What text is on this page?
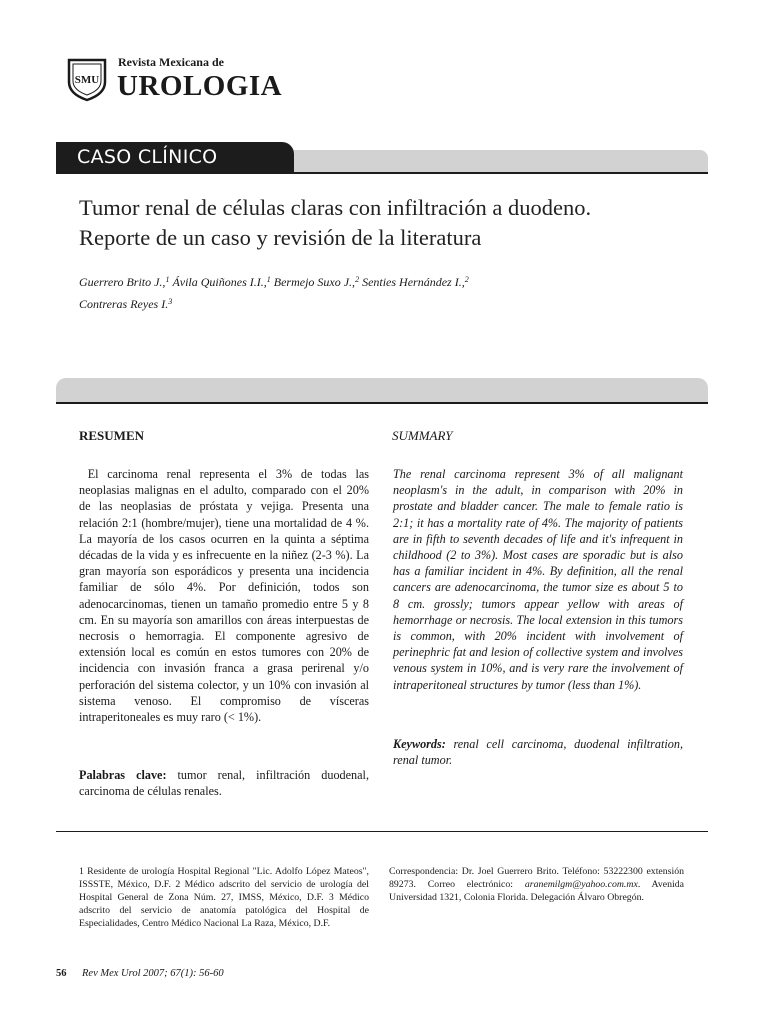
SMU
Revista Mexicana de
UROLOGIA
CASO CLÍNICO
Tumor renal de células claras con infiltración a duodeno.
Reporte de un caso y revisión de la literatura
Guerrero Brito J.,$^1$ Ávila Quiñones I.I.,$^1$ Bermejo Suxo J.,$^2$ Senties Hernández I.,$^2$
Contreras Reyes I.$^3$
RESUMEN
El carcinoma renal representa el 3% de todas las neoplasias malignas en el adulto, comparado con el 20% de las neoplasias de próstata y vejiga. Presenta una relación 2:1 (hombre/mujer), tiene una mortalidad de 4 %. La mayoría de los casos ocurren en la quinta a séptima décadas de la vida y es infrecuente en la niñez (2-3 %). La gran mayoría son esporádicos y presenta una incidencia familiar de sólo 4%. Por definición, todos son adenocarcinomas, tienen un tamaño promedio entre 5 y 8 cm. En su mayoría son amarillos con áreas interpuestas de necrosis o hemorragia. El componente agresivo de extensión local es común en estos tumores con 20% de incidencia con invasión franca a grasa perirenal y/o perforación del sistema colector, y un 10% con invasión al sistema venoso. El compromiso de vísceras intraperitoneales es muy raro (< 1%).
Palabras clave: tumor renal, infiltración duodenal, carcinoma de células renales.
SUMMARY
The renal carcinoma represent 3% of all malignant neoplasm's in the adult, in comparison with 20% in prostate and bladder cancer. The male to female ratio is 2:1; it has a mortality rate of 4%. The majority of patients are in fifth to seventh decades of life and it's infrequent in childhood (2 to 3%). Most cases are sporadic but is also has a familiar incident in 4%. By definition, all the renal cancers are adenocarcinoma, the tumor size es about 5 to 8 cm. grossly; tumors appear yellow with areas of hemorrhage or necrosis. The local extension in this tumors is common, with 20% incident with involvement of perinephric fat and lesion of collective system and involves venous system in 10%, and is very rare the involvement of intraperitoneal structures by tumor (less than 1%).
Keywords: renal cell carcinoma, duodenal infiltration, renal tumor.
1 Residente de urología Hospital Regional "Lic. Adolfo López Mateos", ISSSTE, México, D.F. 2 Médico adscrito del servicio de urología del Hospital General de Zona Núm. 27, IMSS, México, D.F. 3 Médico adscrito del servicio de anatomía patológica del Hospital de Especialidades, Centro Médico Nacional La Raza, México, D.F.
Correspondencia: Dr. Joel Guerrero Brito. Teléfono: 53222300 extensión 89273. Correo electrónico: aranemilgm@yahoo.com.mx. Avenida Universidad 1321, Colonia Florida. Delegación Álvaro Obregón.
56 Rev Mex Urol 2007; 67(1): 56-60
